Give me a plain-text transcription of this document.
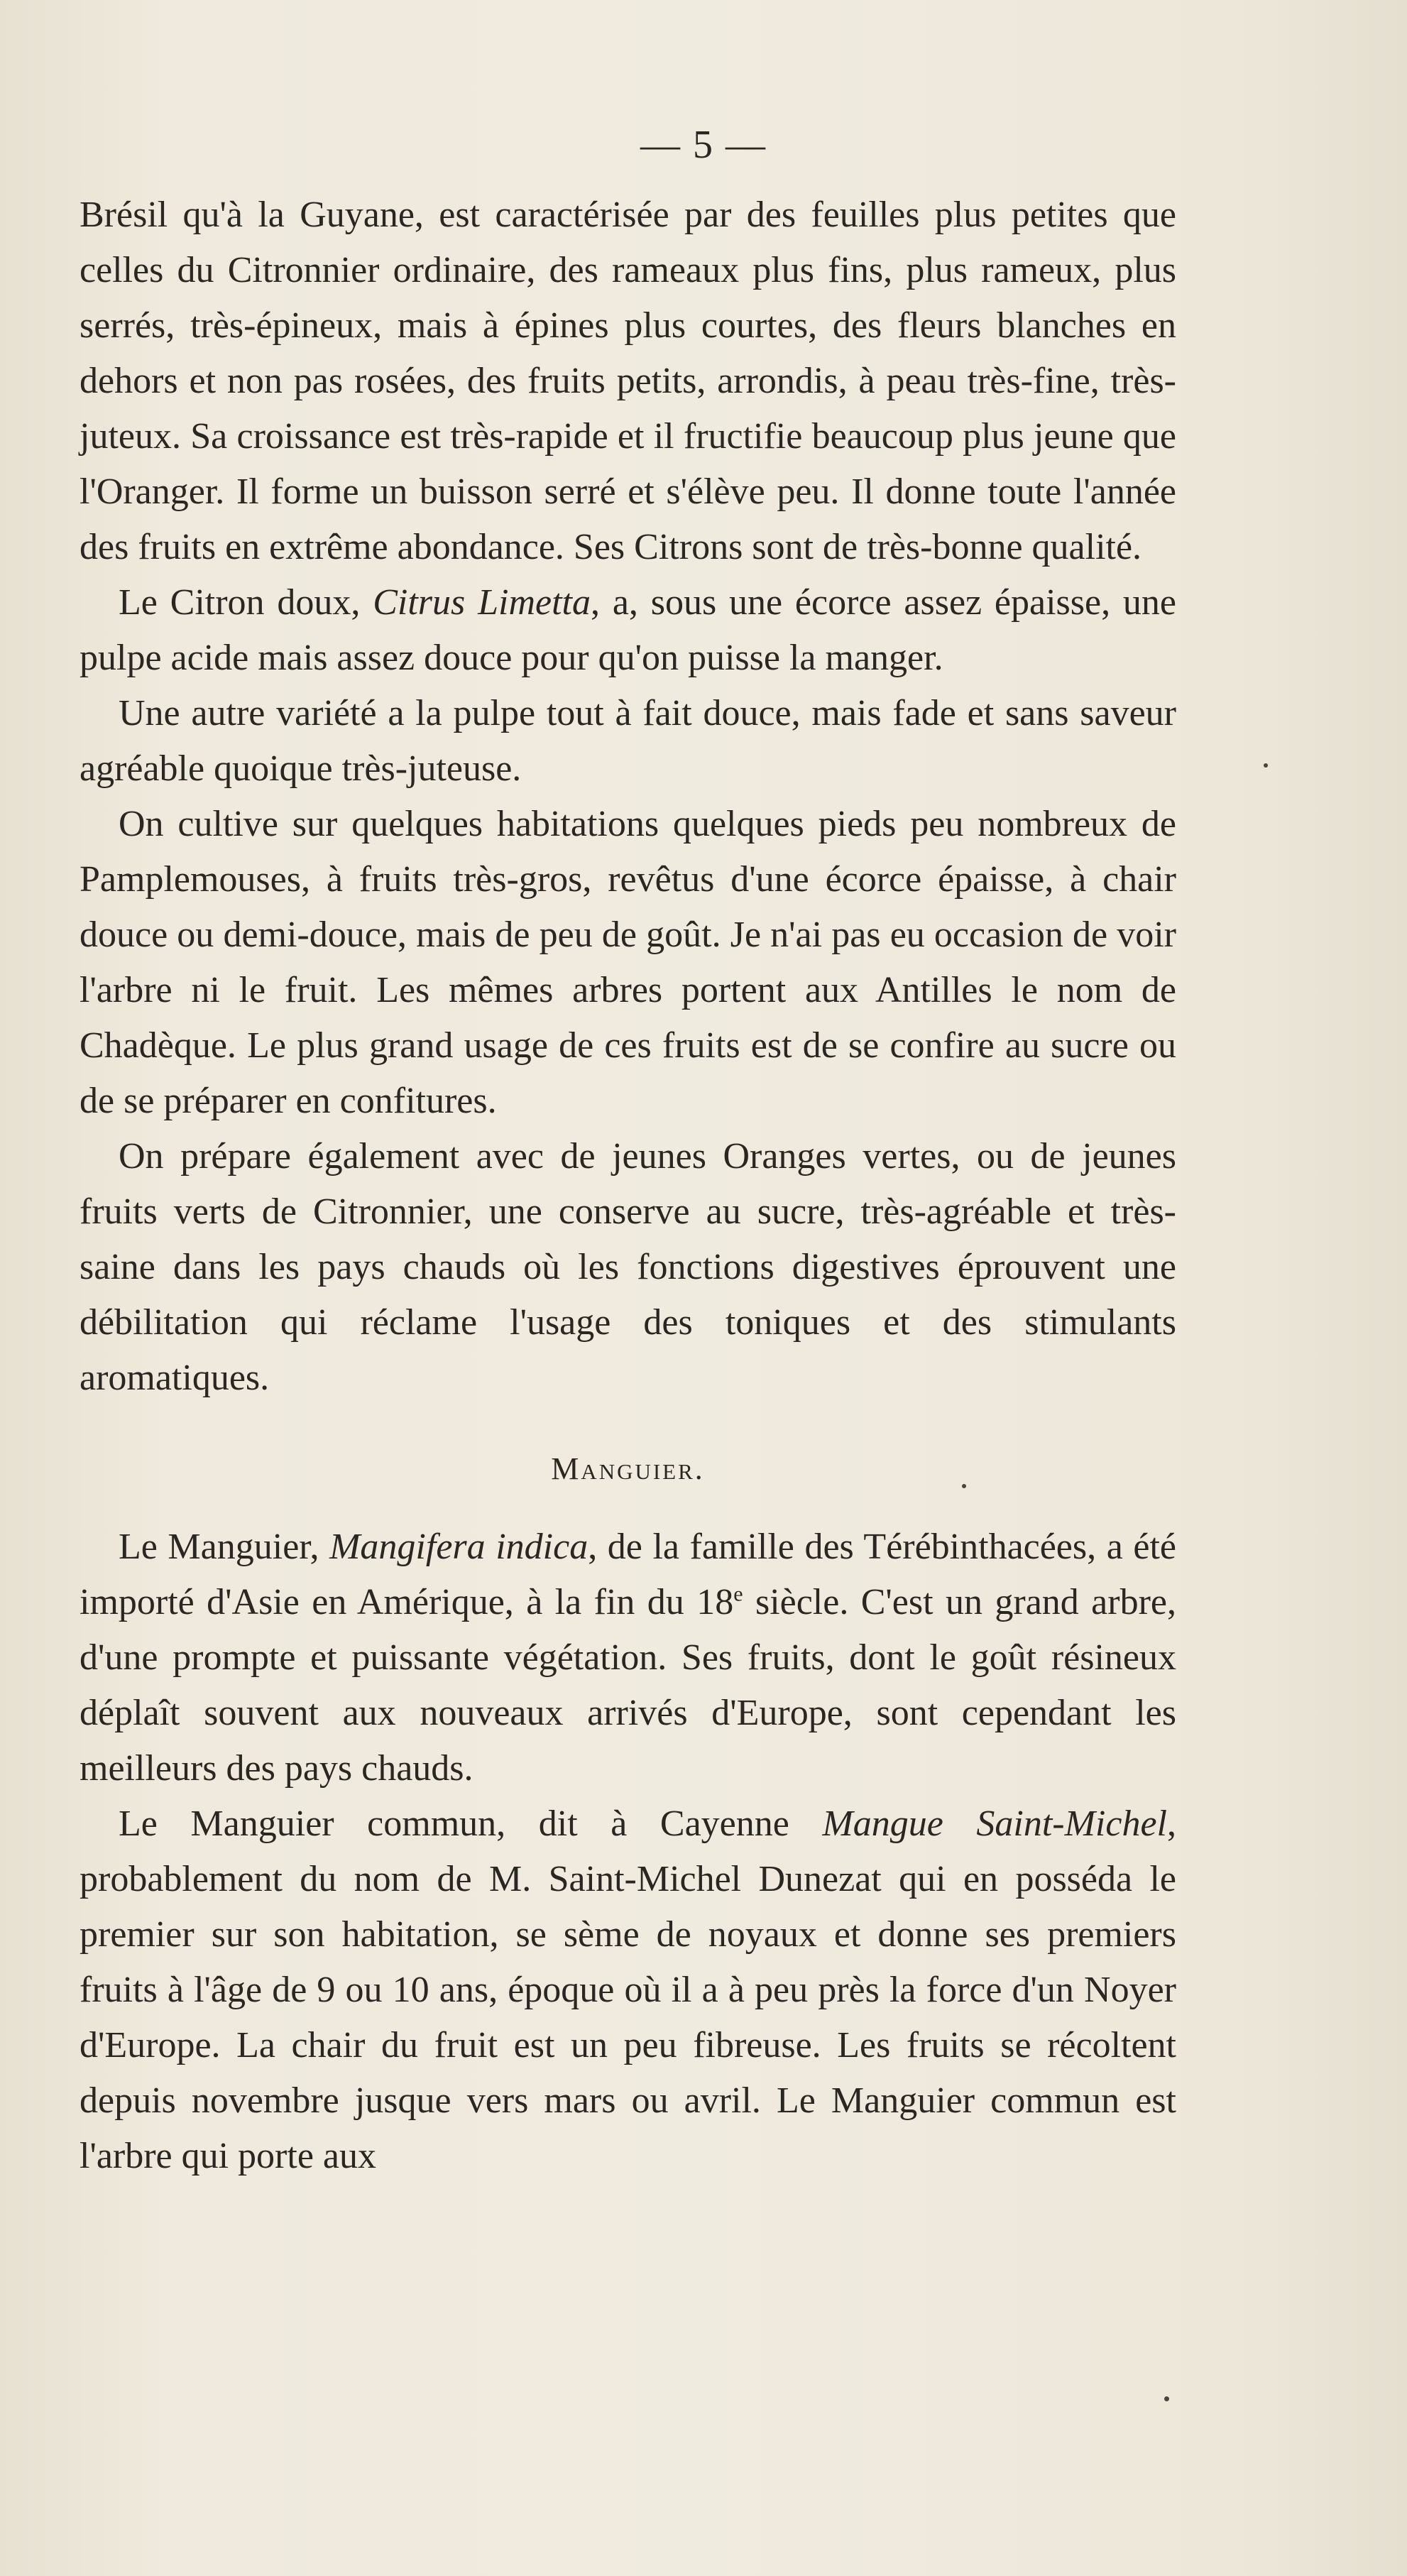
— 5 —

Brésil qu'à la Guyane, est caractérisée par des feuilles plus petites que celles du Citronnier ordinaire, des rameaux plus fins, plus rameux, plus serrés, très-épineux, mais à épines plus courtes, des fleurs blanches en dehors et non pas rosées, des fruits petits, arrondis, à peau très-fine, très-juteux. Sa croissance est très-rapide et il fructifie beaucoup plus jeune que l'Oranger. Il forme un buisson serré et s'élève peu. Il donne toute l'année des fruits en extrême abondance. Ses Citrons sont de très-bonne qualité.

Le Citron doux, Citrus Limetta, a, sous une écorce assez épaisse, une pulpe acide mais assez douce pour qu'on puisse la manger.

Une autre variété a la pulpe tout à fait douce, mais fade et sans saveur agréable quoique très-juteuse.

On cultive sur quelques habitations quelques pieds peu nombreux de Pamplemouses, à fruits très-gros, revêtus d'une écorce épaisse, à chair douce ou demi-douce, mais de peu de goût. Je n'ai pas eu occasion de voir l'arbre ni le fruit. Les mêmes arbres portent aux Antilles le nom de Chadèque. Le plus grand usage de ces fruits est de se confire au sucre ou de se préparer en confitures.

On prépare également avec de jeunes Oranges vertes, ou de jeunes fruits verts de Citronnier, une conserve au sucre, très-agréable et très-saine dans les pays chauds où les fonctions digestives éprouvent une débilitation qui réclame l'usage des toniques et des stimulants aromatiques.

Manguier.

Le Manguier, Mangifera indica, de la famille des Térébinthacées, a été importé d'Asie en Amérique, à la fin du 18e siècle. C'est un grand arbre, d'une prompte et puissante végétation. Ses fruits, dont le goût résineux déplaît souvent aux nouveaux arrivés d'Europe, sont cependant les meilleurs des pays chauds.

Le Manguier commun, dit à Cayenne Mangue Saint-Michel, probablement du nom de M. Saint-Michel Dunezat qui en posséda le premier sur son habitation, se sème de noyaux et donne ses premiers fruits à l'âge de 9 ou 10 ans, époque où il a à peu près la force d'un Noyer d'Europe. La chair du fruit est un peu fibreuse. Les fruits se récoltent depuis novembre jusque vers mars ou avril. Le Manguier commun est l'arbre qui porte aux
